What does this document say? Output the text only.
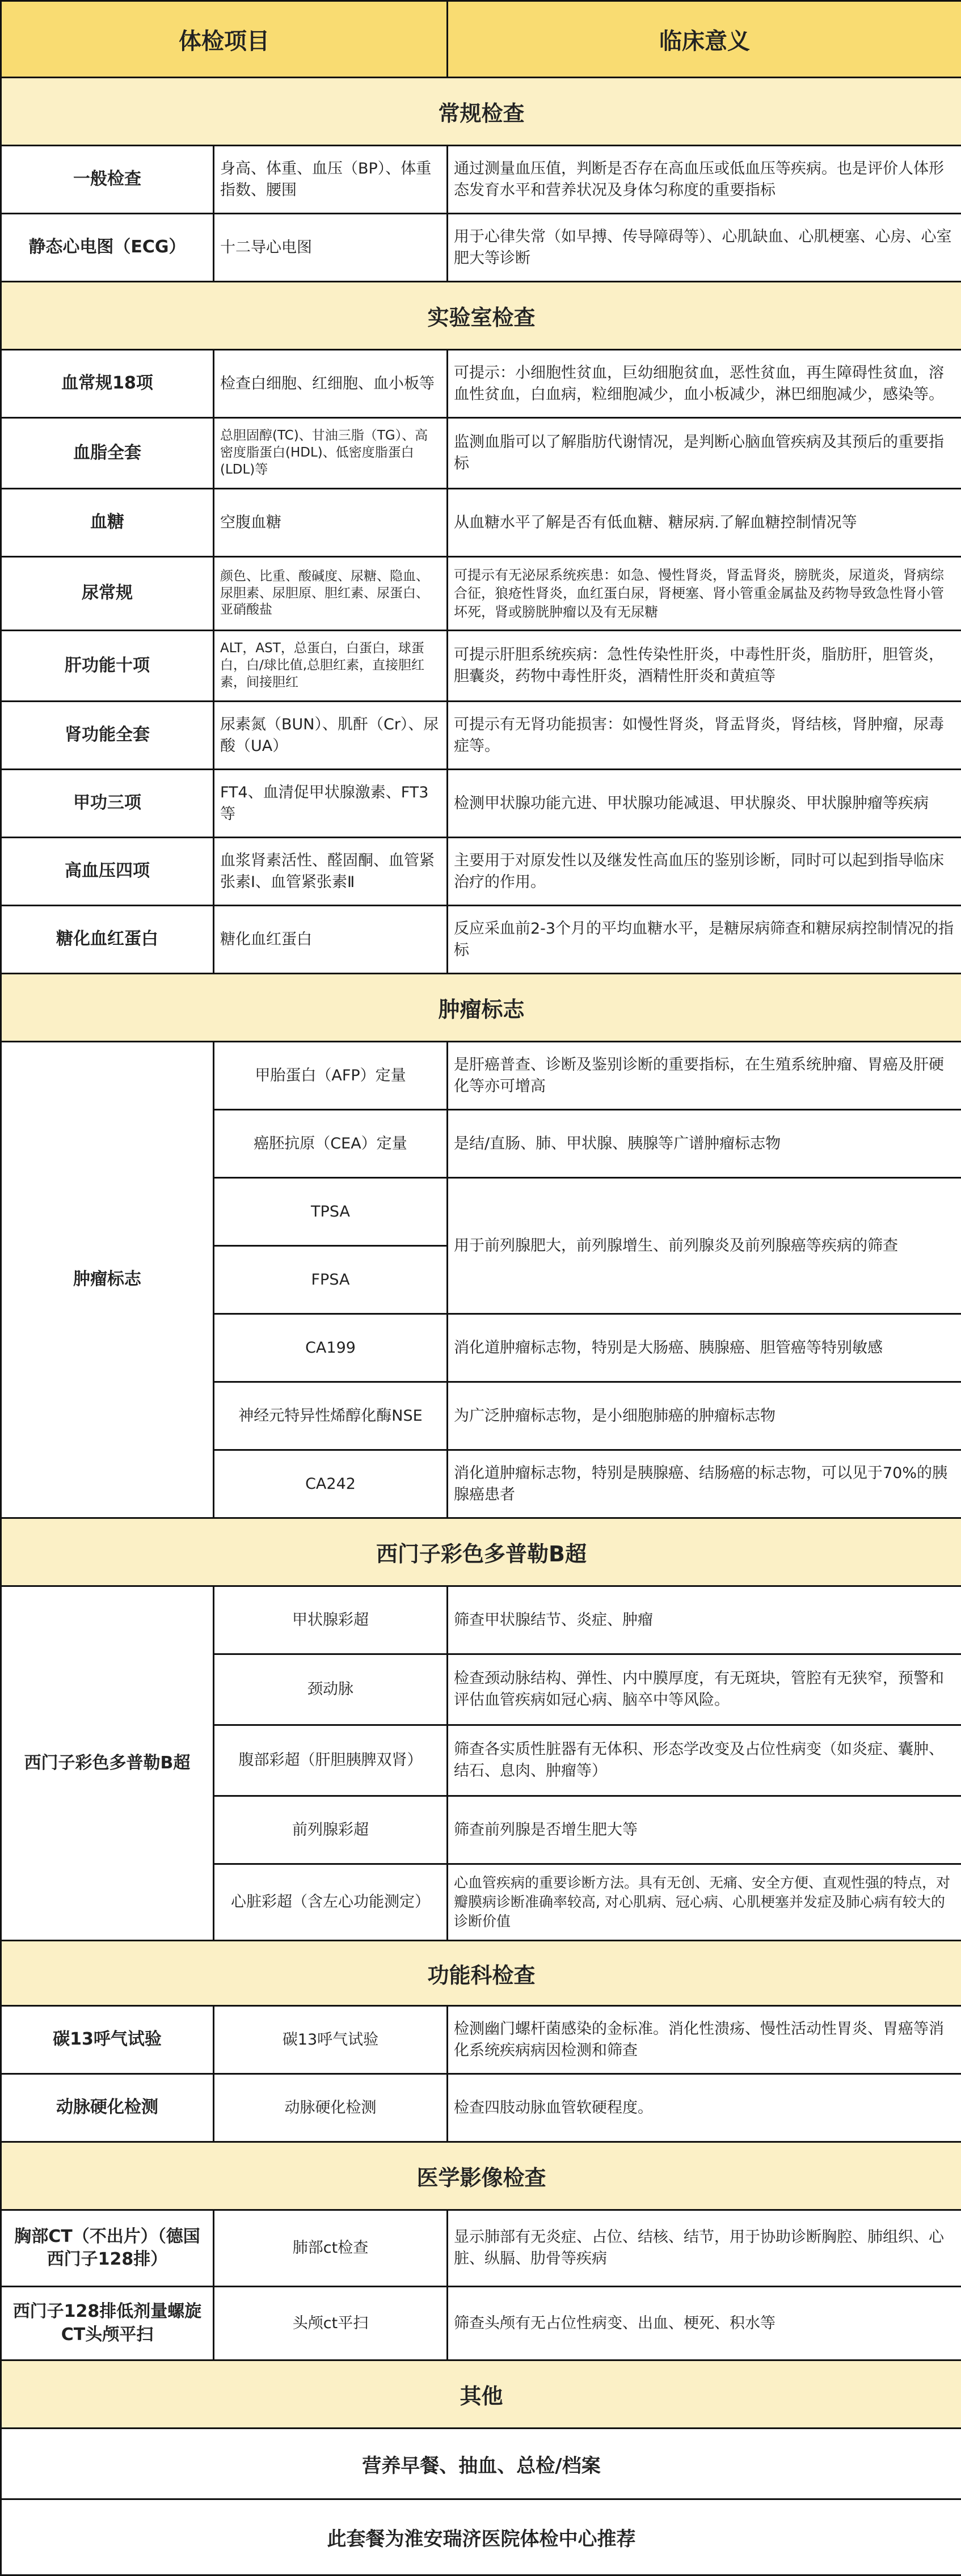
体检项目		临床意义
常规检查		
一般检查	身高、体重、血压（BP）、体重指数、腰围	通过测量血压值，判断是否存在高血压或低血压等疾病。也是评价人体形态发育水平和营养状况及身体匀称度的重要指标
静态心电图（ECG）	十二导心电图	用于心律失常（如早搏、传导障碍等）、心肌缺血、心肌梗塞、心房、心室肥大等诊断
实验室检查		
血常规18项	检查白细胞、红细胞、血小板等	可提示：小细胞性贫血，巨幼细胞贫血，恶性贫血，再生障碍性贫血，溶血性贫血，白血病，粒细胞减少，血小板减少，淋巴细胞减少，感染等。
血脂全套	总胆固醇(TC)、甘油三脂（TG）、高密度脂蛋白(HDL)、低密度脂蛋白(LDL)等	监测血脂可以了解脂肪代谢情况，是判断心脑血管疾病及其预后的重要指标
血糖	空腹血糖	从血糖水平了解是否有低血糖、糖尿病.了解血糖控制情况等
尿常规	颜色、比重、酸碱度、尿糖、隐血、尿胆素、尿胆原、胆红素、尿蛋白、亚硝酸盐	可提示有无泌尿系统疾患：如急、慢性肾炎，肾盂肾炎，膀胱炎，尿道炎，肾病综合征，狼疮性肾炎，血红蛋白尿，肾梗塞、肾小管重金属盐及药物导致急性肾小管坏死，肾或膀胱肿瘤以及有无尿糖
肝功能十项	ALT，AST，总蛋白，白蛋白，球蛋白，白/球比值,总胆红素，直接胆红素，间接胆红	可提示肝胆系统疾病：急性传染性肝炎，中毒性肝炎，脂肪肝，胆管炎，胆囊炎，药物中毒性肝炎，酒精性肝炎和黄疸等
肾功能全套	尿素氮（BUN）、肌酐（Cr）、尿酸（UA）	可提示有无肾功能损害：如慢性肾炎，肾盂肾炎，肾结核，肾肿瘤，尿毒症等。
甲功三项	FT4、血清促甲状腺激素、FT3等	检测甲状腺功能亢进、甲状腺功能减退、甲状腺炎、甲状腺肿瘤等疾病
高血压四项	血浆肾素活性、醛固酮、血管紧张素Ⅰ、血管紧张素Ⅱ	主要用于对原发性以及继发性高血压的鉴别诊断，同时可以起到指导临床治疗的作用。
糖化血红蛋白	糖化血红蛋白	反应采血前2-3个月的平均血糖水平，是糖尿病筛查和糖尿病控制情况的指标
肿瘤标志		
肿瘤标志	甲胎蛋白（AFP）定量	是肝癌普查、诊断及鉴别诊断的重要指标，在生殖系统肿瘤、胃癌及肝硬化等亦可增高
	癌胚抗原（CEA）定量	是结/直肠、肺、甲状腺、胰腺等广谱肿瘤标志物
	TPSA	用于前列腺肥大，前列腺增生、前列腺炎及前列腺癌等疾病的筛查
	FPSA	
	CA199	消化道肿瘤标志物，特别是大肠癌、胰腺癌、胆管癌等特别敏感
	神经元特异性烯醇化酶NSE	为广泛肿瘤标志物，是小细胞肺癌的肿瘤标志物
	CA242	消化道肿瘤标志物，特别是胰腺癌、结肠癌的标志物，可以见于70%的胰腺癌患者
西门子彩色多普勒B超		
西门子彩色多普勒B超	甲状腺彩超	筛查甲状腺结节、炎症、肿瘤
	颈动脉	检查颈动脉结构、弹性、内中膜厚度，有无斑块，管腔有无狭窄，预警和评估血管疾病如冠心病、脑卒中等风险。
	腹部彩超（肝胆胰脾双肾）	筛查各实质性脏器有无体积、形态学改变及占位性病变（如炎症、囊肿、结石、息肉、肿瘤等）
	前列腺彩超	筛查前列腺是否增生肥大等
	心脏彩超（含左心功能测定）	心血管疾病的重要诊断方法。具有无创、无痛、安全方便、直观性强的特点，对瓣膜病诊断准确率较高, 对心肌病、冠心病、心肌梗塞并发症及肺心病有较大的诊断价值
功能科检查		
碳13呼气试验	碳13呼气试验	检测幽门螺杆菌感染的金标准。消化性溃疡、慢性活动性胃炎、胃癌等消化系统疾病病因检测和筛查
动脉硬化检测	动脉硬化检测	检查四肢动脉血管软硬程度。
医学影像检查		
胸部CT（不出片）（德国西门子128排）	肺部ct检查	显示肺部有无炎症、占位、结核、结节，用于协助诊断胸腔、肺组织、心脏、纵膈、肋骨等疾病
西门子128排低剂量螺旋CT头颅平扫	头颅ct平扫	筛查头颅有无占位性病变、出血、梗死、积水等
其他		
营养早餐、抽血、总检/档案		
此套餐为淮安瑞济医院体检中心推荐		
